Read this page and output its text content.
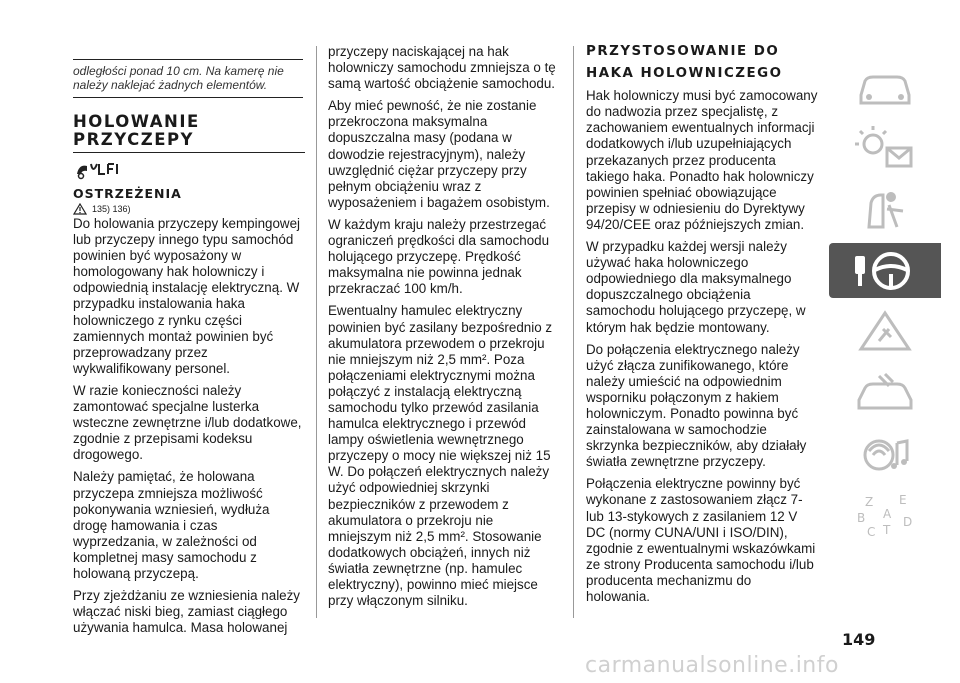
odległości ponad 10 cm. Na kamerę nie należy naklejać żadnych elementów.

HOLOWANIE

PRZYCZEPY

OSTRZEŻENIA

135) 136)

Do holowania przyczepy kempingowej lub przyczepy innego typu samochód powinien być wyposażony w homologowany hak holowniczy i odpowiednią instalację elektryczną. W przypadku instalowania haka holowniczego z rynku części zamiennych montaż powinien być przeprowadzany przez wykwalifikowany personel.

W razie konieczności należy zamontować specjalne lusterka wsteczne zewnętrzne i/lub dodatkowe, zgodnie z przepisami kodeksu drogowego.

Należy pamiętać, że holowana przyczepa zmniejsza możliwość pokonywania wzniesień, wydłuża drogę hamowania i czas wyprzedzania, w zależności od kompletnej masy samochodu z holowaną przyczepą.

Przy zjeżdżaniu ze wzniesienia należy włączać niski bieg, zamiast ciągłego używania hamulca. Masa holowanej

przyczepy naciskającej na hak holowniczy samochodu zmniejsza o tę samą wartość obciążenie samochodu.

Aby mieć pewność, że nie zostanie przekroczona maksymalna dopuszczalna masy (podana w dowodzie rejestracyjnym), należy uwzględnić ciężar przyczepy przy pełnym obciążeniu wraz z wyposażeniem i bagażem osobistym.

W każdym kraju należy przestrzegać ograniczeń prędkości dla samochodu holującego przyczepę. Prędkość maksymalna nie powinna jednak przekraczać 100 km/h.

Ewentualny hamulec elektryczny powinien być zasilany bezpośrednio z akumulatora przewodem o przekroju nie mniejszym niż 2,5 mm². Poza połączeniami elektrycznymi można połączyć z instalacją elektryczną samochodu tylko przewód zasilania hamulca elektrycznego i przewód lampy oświetlenia wewnętrznego przyczepy o mocy nie większej niż 15 W. Do połączeń elektrycznych należy użyć odpowiedniej skrzynki bezpieczników z przewodem z akumulatora o przekroju nie mniejszym niż 2,5 mm². Stosowanie dodatkowych obciążeń, innych niż światła zewnętrzne (np. hamulec elektryczny), powinno mieć miejsce przy włączonym silniku.

PRZYSTOSOWANIE DO

HAKA HOLOWNICZEGO

Hak holowniczy musi być zamocowany do nadwozia przez specjalistę, z zachowaniem ewentualnych informacji dodatkowych i/lub uzupełniających przekazanych przez producenta takiego haka. Ponadto hak holowniczy powinien spełniać obowiązujące przepisy w odniesieniu do Dyrektywy 94/20/CEE oraz późniejszych zmian.

W przypadku każdej wersji należy używać haka holowniczego odpowiedniego dla maksymalnego dopuszczalnego obciążenia samochodu holującego przyczepę, w którym hak będzie montowany.

Do połączenia elektrycznego należy użyć złącza zunifikowanego, które należy umieścić na odpowiednim wsporniku połączonym z hakiem holowniczym. Ponadto powinna być zainstalowana w samochodzie skrzynka bezpieczników, aby działały światła zewnętrzne przyczepy.

Połączenia elektryczne powinny być wykonane z zastosowaniem złącz 7-lub 13-stykowych z zasilaniem 12 V DC (normy CUNA/UNI i ISO/DIN), zgodnie z ewentualnymi wskazówkami ze strony Producenta samochodu i/lub producenta mechanizmu do holowania.

Z E
B A
C T
D
149
carmanualsonline.info
